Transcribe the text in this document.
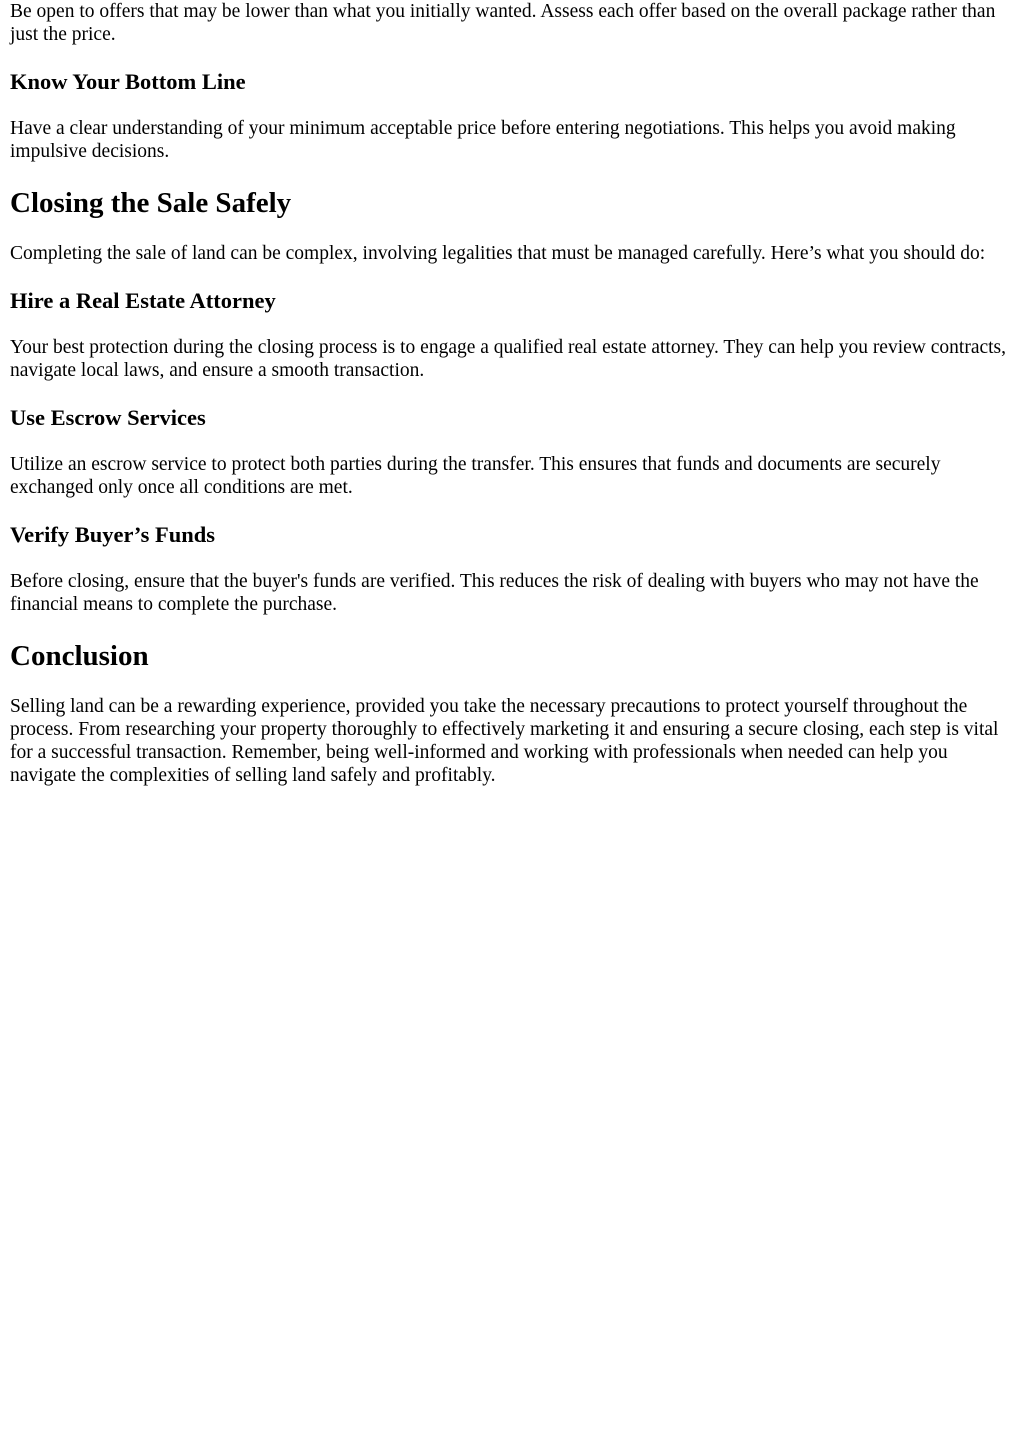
Be open to offers that may be lower than what you initially wanted. Assess each offer based on the overall package rather than just the price.

Know Your Bottom Line

Have a clear understanding of your minimum acceptable price before entering negotiations. This helps you avoid making impulsive decisions.

Closing the Sale Safely

Completing the sale of land can be complex, involving legalities that must be managed carefully. Here’s what you should do:

Hire a Real Estate Attorney

Your best protection during the closing process is to engage a qualified real estate attorney. They can help you review contracts, navigate local laws, and ensure a smooth transaction.

Use Escrow Services

Utilize an escrow service to protect both parties during the transfer. This ensures that funds and documents are securely exchanged only once all conditions are met.

Verify Buyer’s Funds

Before closing, ensure that the buyer's funds are verified. This reduces the risk of dealing with buyers who may not have the financial means to complete the purchase.

Conclusion

Selling land can be a rewarding experience, provided you take the necessary precautions to protect yourself throughout the process. From researching your property thoroughly to effectively marketing it and ensuring a secure closing, each step is vital for a successful transaction. Remember, being well-informed and working with professionals when needed can help you navigate the complexities of selling land safely and profitably.
